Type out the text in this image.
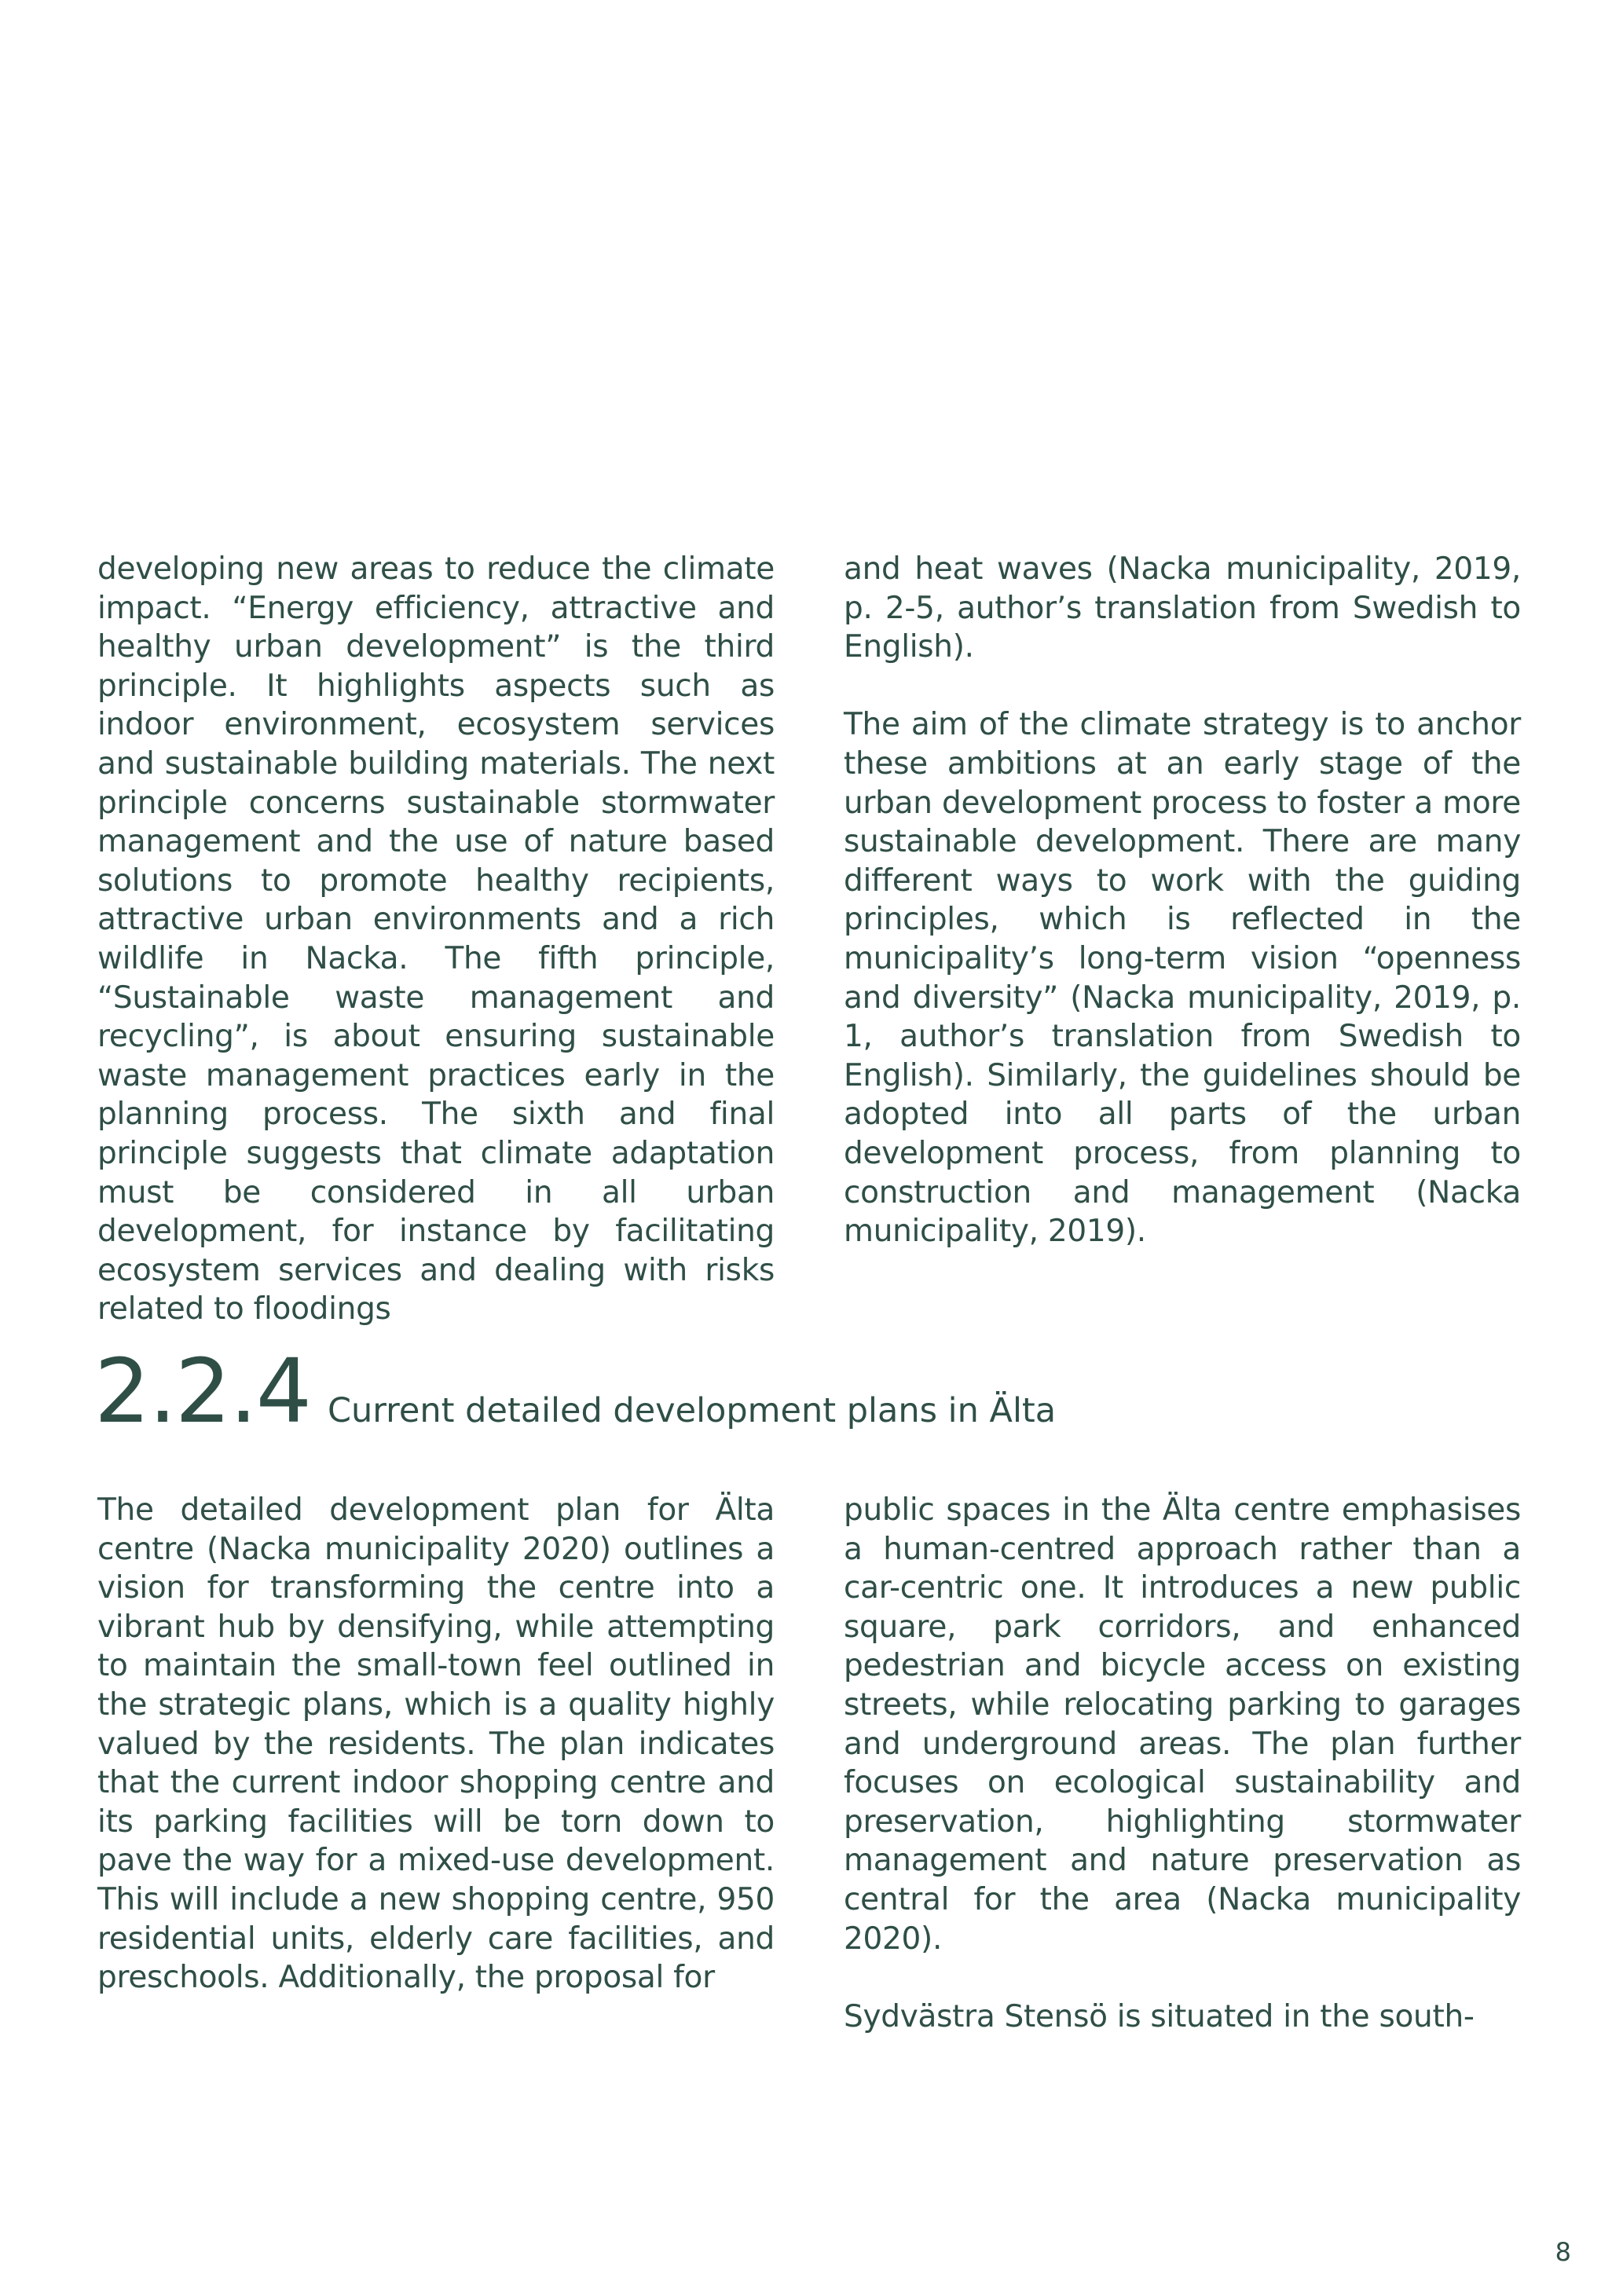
developing new areas to reduce the climate impact. “Energy efficiency, attractive and healthy urban development” is the third principle. It highlights aspects such as indoor environment, ecosystem services and sustainable building materials. The next principle concerns sustainable stormwater management and the use of nature based solutions to promote healthy recipients, attractive urban environments and a rich wildlife in Nacka. The fifth principle, “Sustainable waste management and recycling”, is about ensuring sustainable waste management practices early in the planning process. The sixth and final principle suggests that climate adaptation must be considered in all urban development, for instance by facilitating ecosystem services and dealing with risks related to floodings

and heat waves (Nacka municipality, 2019, p. 2-5, author’s translation from Swedish to English).

The aim of the climate strategy is to anchor these ambitions at an early stage of the urban development process to foster a more sustainable development. There are many different ways to work with the guiding principles, which is reflected in the municipality’s long-term vision “openness and diversity” (Nacka municipality, 2019, p. 1, author’s translation from Swedish to English). Similarly, the guidelines should be adopted into all parts of the urban development process, from planning to construction and management (Nacka municipality, 2019).

2.2.4 Current detailed development plans in Älta

The detailed development plan for Älta centre (Nacka municipality 2020) outlines a vision for transforming the centre into a vibrant hub by densifying, while attempting to maintain the small-town feel outlined in the strategic plans, which is a quality highly valued by the residents. The plan indicates that the current indoor shopping centre and its parking facilities will be torn down to pave the way for a mixed-use development. This will include a new shopping centre, 950 residential units, elderly care facilities, and preschools. Additionally, the proposal for

public spaces in the Älta centre emphasises a human-centred approach rather than a car-centric one. It introduces a new public square, park corridors, and enhanced pedestrian and bicycle access on existing streets, while relocating parking to garages and underground areas. The plan further focuses on ecological sustainability and preservation, highlighting stormwater management and nature preservation as central for the area (Nacka municipality 2020).

Sydvästra Stensö is situated in the south-

8
